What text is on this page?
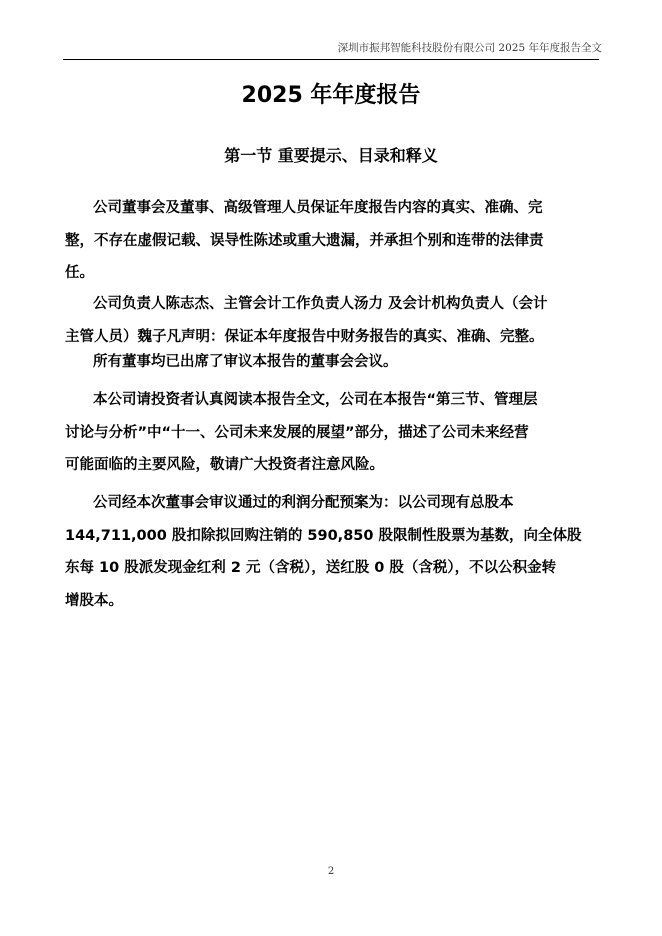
深圳市振邦智能科技股份有限公司 2025 年年度报告全文
2025 年年度报告
第一节 重要提示、目录和释义
公司董事会及董事、高级管理人员保证年度报告内容的真实、准确、完
整，不存在虚假记载、误导性陈述或重大遗漏，并承担个别和连带的法律责
任。
公司负责人陈志杰、主管会计工作负责人汤力 及会计机构负责人（会计
主管人员）魏子凡声明：保证本年度报告中财务报告的真实、准确、完整。
所有董事均已出席了审议本报告的董事会会议。
本公司请投资者认真阅读本报告全文，公司在本报告“第三节、管理层
讨论与分析”中“十一、公司未来发展的展望”部分，描述了公司未来经营
可能面临的主要风险，敬请广大投资者注意风险。
公司经本次董事会审议通过的利润分配预案为：以公司现有总股本
144,711,000 股扣除拟回购注销的 590,850 股限制性股票为基数，向全体股
东每 10 股派发现金红利 2 元（含税），送红股 0 股（含税），不以公积金转
增股本。
2
